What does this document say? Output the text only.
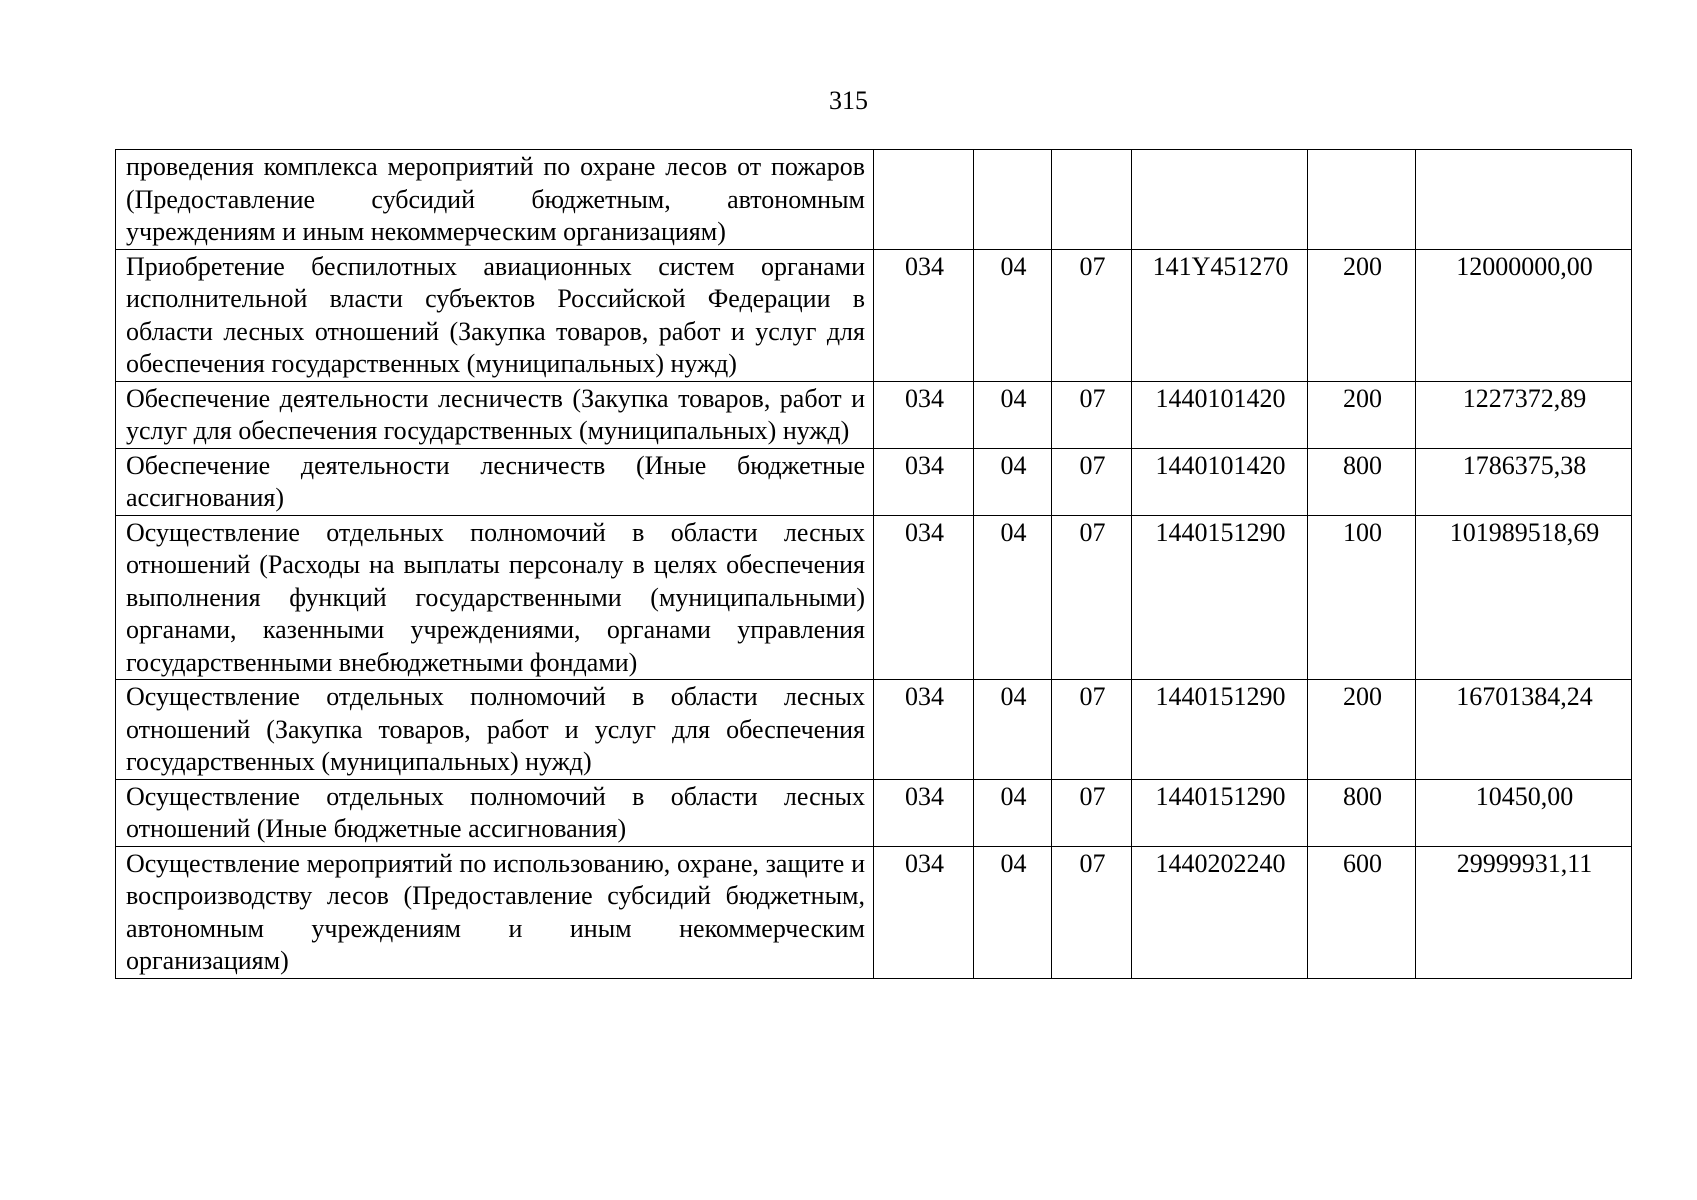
315
проведения комплекса мероприятий по охране лесов от пожаров (Предоставление субсидий бюджетным, автономным учреждениям и иным некоммерческим организациям)						
Приобретение беспилотных авиационных систем органами исполнительной власти субъектов Российской Федерации в области лесных отношений (Закупка товаров, работ и услуг для обеспечения государственных (муниципальных) нужд)	034	04	07	141Y451270	200	12000000,00
Обеспечение деятельности лесничеств (Закупка товаров, работ и услуг для обеспечения государственных (муниципальных) нужд)	034	04	07	1440101420	200	1227372,89
Обеспечение деятельности лесничеств (Иные бюджетные ассигнования)	034	04	07	1440101420	800	1786375,38
Осуществление отдельных полномочий в области лесных отношений (Расходы на выплаты персоналу в целях обеспечения выполнения функций государственными (муниципальными) органами, казенными учреждениями, органами управления государственными внебюджетными фондами)	034	04	07	1440151290	100	101989518,69
Осуществление отдельных полномочий в области лесных отношений (Закупка товаров, работ и услуг для обеспечения государственных (муниципальных) нужд)	034	04	07	1440151290	200	16701384,24
Осуществление отдельных полномочий в области лесных отношений (Иные бюджетные ассигнования)	034	04	07	1440151290	800	10450,00
Осуществление мероприятий по использованию, охране, защите и воспроизводству лесов (Предоставление субсидий бюджетным, автономным учреждениям и иным некоммерческим организациям)	034	04	07	1440202240	600	29999931,11
